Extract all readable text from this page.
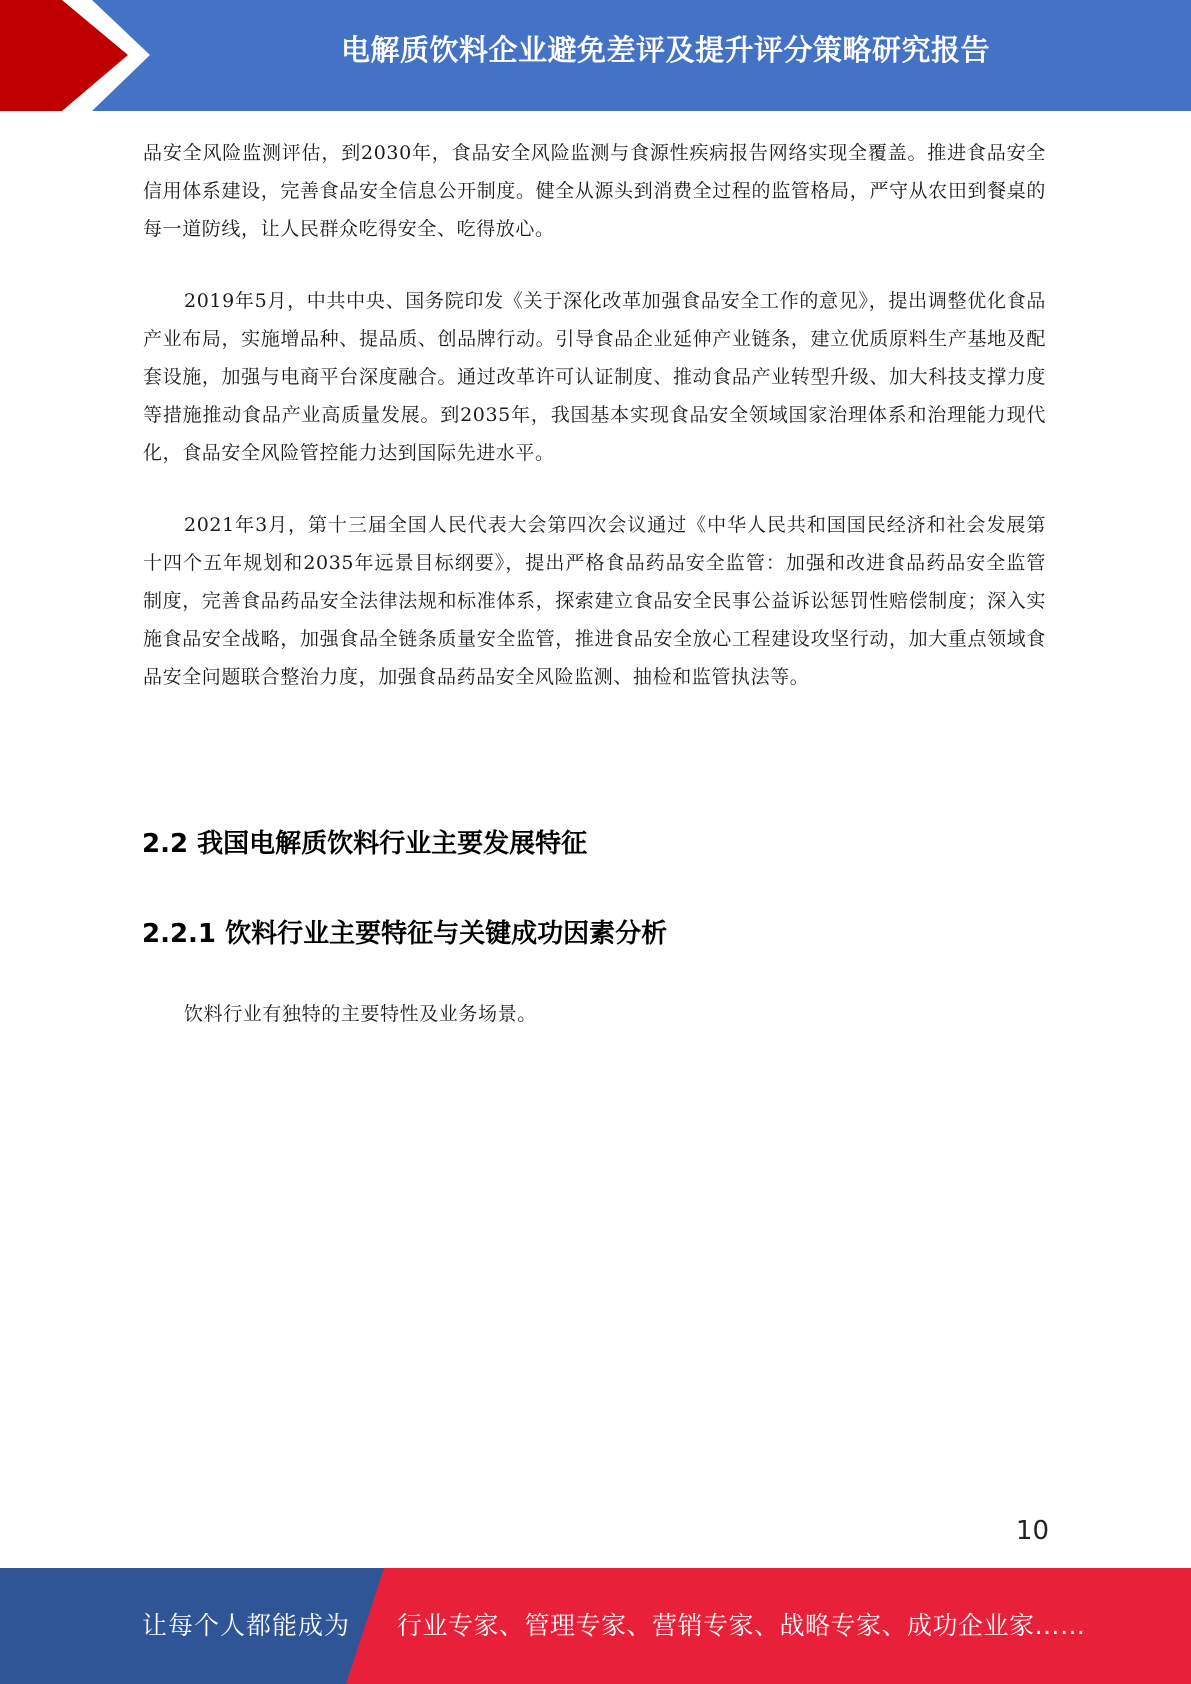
电解质饮料企业避免差评及提升评分策略研究报告

品安全风险监测评估，到2030年，食品安全风险监测与食源性疾病报告网络实现全覆盖。推进食品安全信用体系建设，完善食品安全信息公开制度。健全从源头到消费全过程的监管格局，严守从农田到餐桌的每一道防线，让人民群众吃得安全、吃得放心。

2019年5月，中共中央、国务院印发《关于深化改革加强食品安全工作的意见》，提出调整优化食品产业布局，实施增品种、提品质、创品牌行动。引导食品企业延伸产业链条，建立优质原料生产基地及配套设施，加强与电商平台深度融合。通过改革许可认证制度、推动食品产业转型升级、加大科技支撑力度等措施推动食品产业高质量发展。到2035年，我国基本实现食品安全领域国家治理体系和治理能力现代化，食品安全风险管控能力达到国际先进水平。

2021年3月，第十三届全国人民代表大会第四次会议通过《中华人民共和国国民经济和社会发展第十四个五年规划和2035年远景目标纲要》，提出严格食品药品安全监管：加强和改进食品药品安全监管制度，完善食品药品安全法律法规和标准体系，探索建立食品安全民事公益诉讼惩罚性赔偿制度；深入实施食品安全战略，加强食品全链条质量安全监管，推进食品安全放心工程建设攻坚行动，加大重点领域食品安全问题联合整治力度，加强食品药品安全风险监测、抽检和监管执法等。

2.2 我国电解质饮料行业主要发展特征
2.2.1 饮料行业主要特征与关键成功因素分析

饮料行业有独特的主要特性及业务场景。

10
让每个人都能成为 行业专家、管理专家、营销专家、战略专家、成功企业家……
